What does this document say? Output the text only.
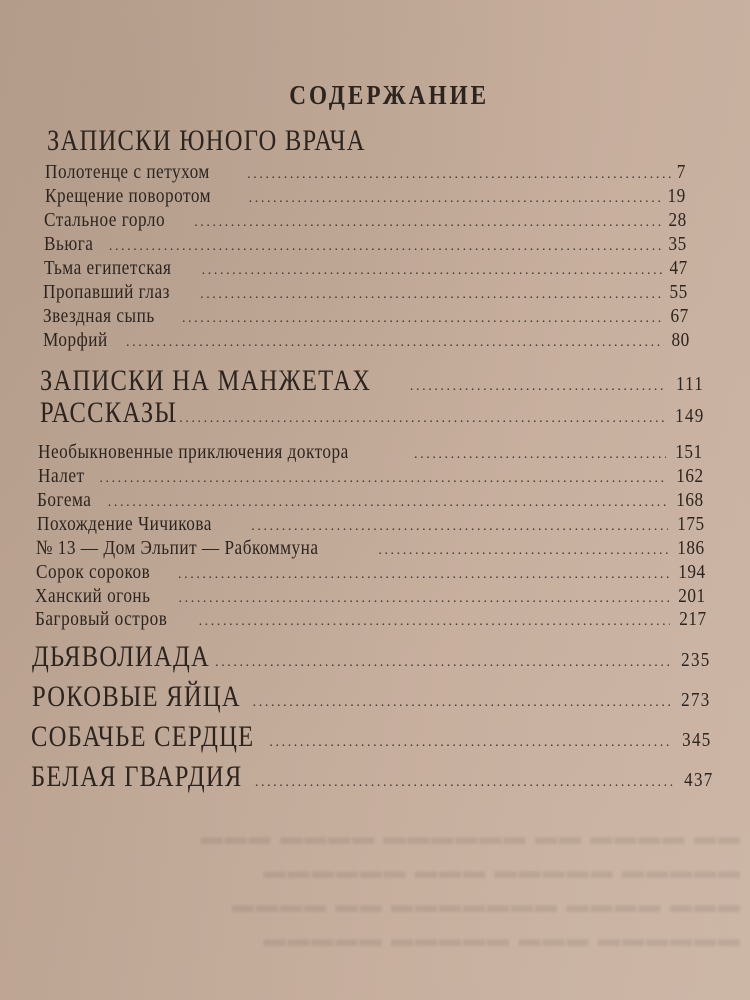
▬▬ ▬▬▬▬ ▬▬ ▬▬▬▬▬▬ ▬▬▬▬ ▬▬▬
▬▬▬▬▬ ▬▬▬▬▬ ▬▬▬ ▬▬▬▬▬▬
▬▬▬ ▬▬▬▬ ▬▬▬▬▬▬▬ ▬▬ ▬▬▬▬
▬▬▬▬▬▬ ▬▬▬ ▬▬▬▬▬ ▬▬▬▬▬
СОДЕРЖАНИЕ
ЗАПИСКИ ЮНОГО ВРАЧА
Полотенце с петухом .....	7
Крещение поворотом .....	19
Стальное горло .....	28
Вьюга .....	35
Тьма египетская .....	47
Пропавший глаз .....	55
Звездная сыпь .....	67
Морфий .....	80
ЗАПИСКИ НА МАНЖЕТАХ .....	111
РАССКАЗЫ .....	149
Необыкновенные приключения доктора .....	151
Налет .....	162
Богема .....	168
Похождение Чичикова .....	175
№ 13 — Дом Эльпит — Рабкоммуна .....	186
Сорок сороков .....	194
Ханский огонь .....	201
Багровый остров .....	217
ДЬЯВОЛИАДА .....	235
РОКОВЫЕ ЯЙЦА .....	273
СОБАЧЬЕ СЕРДЦЕ .....	345
БЕЛАЯ ГВАРДИЯ .....	437
